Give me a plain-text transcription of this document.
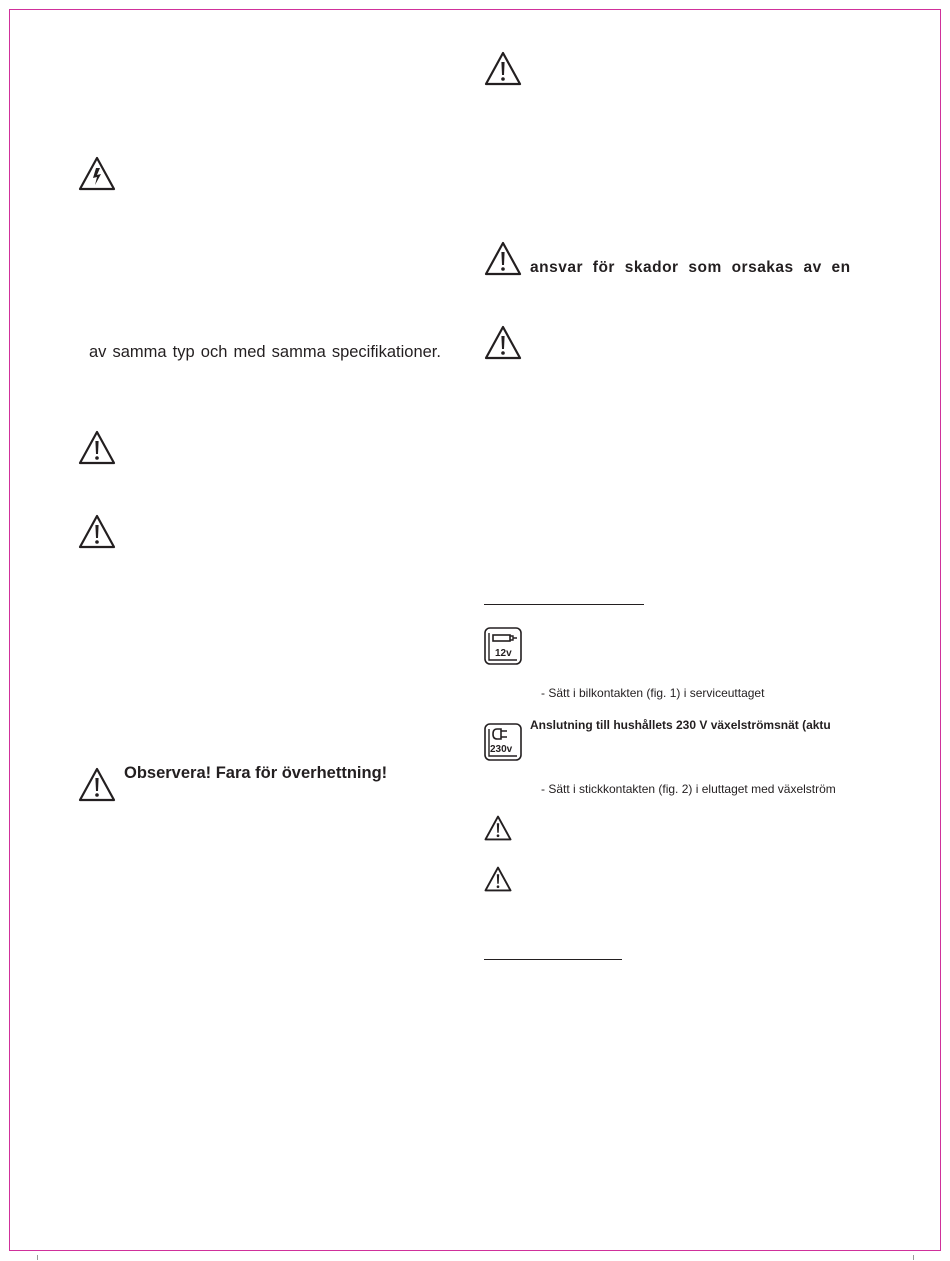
av samma typ och med samma specifikationer.
Observera! Fara för överhettning!
ansvar för skador som orsakas av en
12v
- Sätt i bilkontakten (fig. 1) i serviceuttaget
230v
Anslutning till hushållets 230 V växelströmsnät (aktu
- Sätt i stickkontakten (fig. 2) i eluttaget med växelström
